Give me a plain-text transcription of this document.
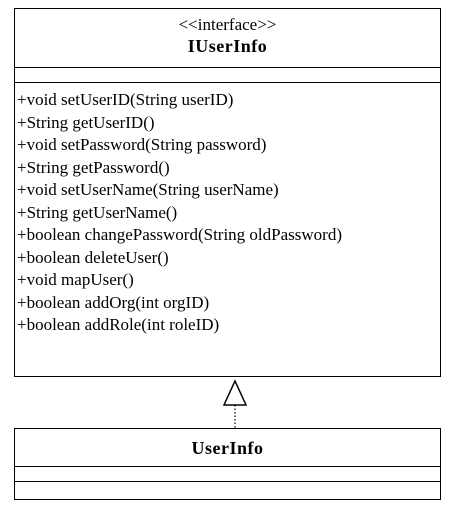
<<interface>>
IUserInfo
+void setUserID(String userID)
+String getUserID()
+void setPassword(String password)
+String getPassword()
+void setUserName(String userName)
+String getUserName()
+boolean changePassword(String oldPassword)
+boolean deleteUser()
+void mapUser()
+boolean addOrg(int orgID)
+boolean addRole(int roleID)
UserInfo
